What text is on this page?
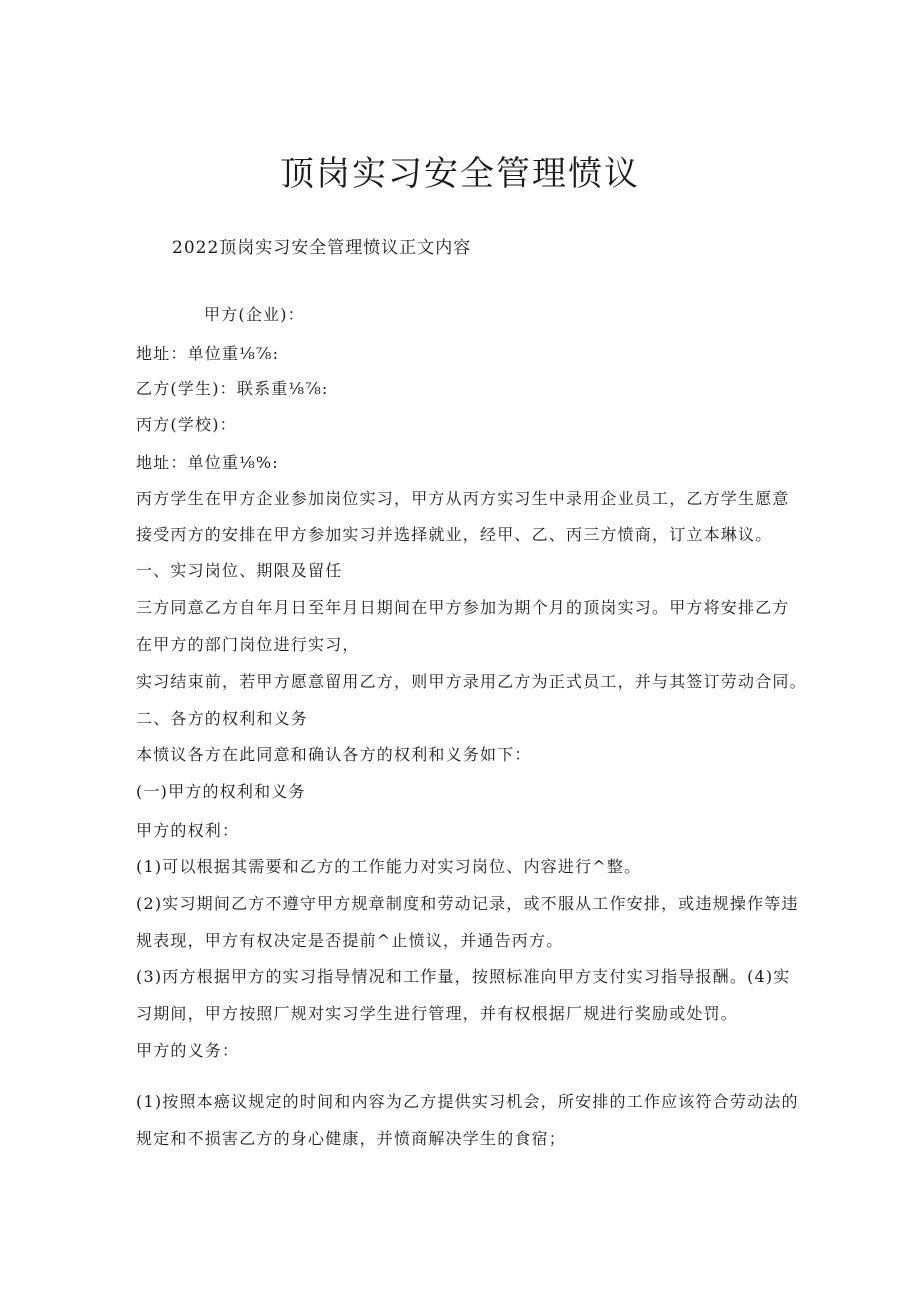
顶岗实习安全管理愤议
2022顶岗实习安全管理愤议正文内容
甲方(企业)：
地址：单位重⅛⅞:
乙方(学生)：联系重⅛⅞:
丙方(学校)：
地址：单位重⅛%:
丙方学生在甲方企业参加岗位实习，甲方从丙方实习生中录用企业员工，乙方学生愿意
接受丙方的安排在甲方参加实习并选择就业，经甲、乙、丙三方愤商，订立本琳议。
一、实习岗位、期限及留任
三方同意乙方自年月日至年月日期间在甲方参加为期个月的顶岗实习。甲方将安排乙方
在甲方的部门岗位进行实习，
实习结束前，若甲方愿意留用乙方，则甲方录用乙方为正式员工，并与其签订劳动合同。
二、各方的权利和义务
本愤议各方在此同意和确认各方的权利和义务如下：
(一)甲方的权利和义务
甲方的权利：
(1)可以根据其需要和乙方的工作能力对实习岗位、内容进行^整。
(2)实习期间乙方不遵守甲方规章制度和劳动记录，或不服从工作安排，或违规操作等违
规表现，甲方有权决定是否提前^止愤议，并通告丙方。
(3)丙方根据甲方的实习指导情况和工作量，按照标准向甲方支付实习指导报酬。(4)实
习期间，甲方按照厂规对实习学生进行管理，并有权根据厂规进行奖励或处罚。
甲方的义务：
(1)按照本癌议规定的时间和内容为乙方提供实习机会，所安排的工作应该符合劳动法的
规定和不损害乙方的身心健康，并愤商解决学生的食宿；
